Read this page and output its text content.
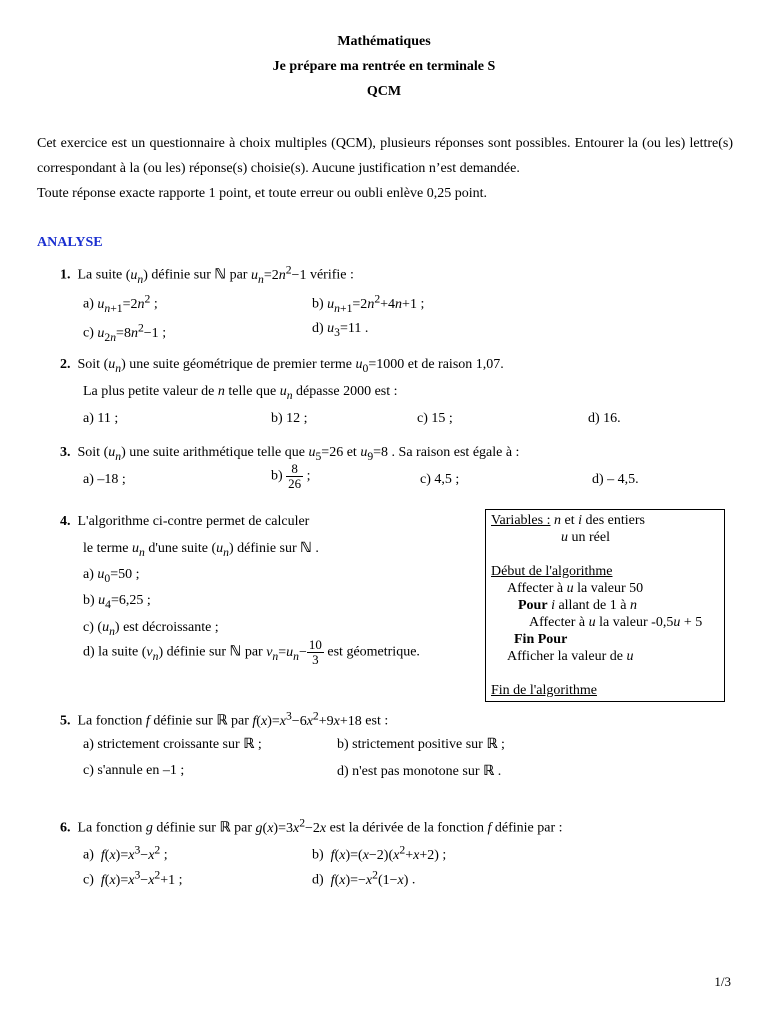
Mathématiques
Je prépare ma rentrée en terminale S
QCM
Cet exercice est un questionnaire à choix multiples (QCM), plusieurs réponses sont possibles. Entourer la (ou les) lettre(s) correspondant à la (ou les) réponse(s) choisie(s). Aucune justification n’est demandée.
Toute réponse exacte rapporte 1 point, et toute erreur ou oubli enlève 0,25 point.
ANALYSE
1. La suite $(u_n)$ définie sur ℕ par $u_n=2n^2-1$ vérifie :
a) $u_{n+1}=2n^2$ ;	b) $u_{n+1}=2n^2+4n+1$ ;
c) $u_{2n}=8n^2-1$ ;	d) $u_3=11$ .
2. Soit $(u_n)$ une suite géométrique de premier terme $u_0=1000$ et de raison 1,07.
La plus petite valeur de n telle que $u_n$ dépasse 2000 est :
a) 11 ;	b) 12 ;	c) 15 ;	d) 16.
3. Soit $(u_n)$ une suite arithmétique telle que $u_5=26$ et $u_9=8$ . Sa raison est égale à :
a) –18 ;	$b) \frac{8}{26}$ ;	c) 4,5 ;	d) – 4,5.
4. L'algorithme ci-contre permet de calculer
le terme $u_n$ d'une suite $(u_n)$ définie sur ℕ .
a) $u_0=50$ ;
b) $u_4=6,25$ ;
c) $(u_n)$ est décroissante ;
d) la suite $(v_n)$ définie sur ℕ par $v_n=u_n- \frac{10}{3}$ est géometrique.
Variables : n et i des entiers
u un réel
Début de l'algorithme
Affecter à u la valeur 50
Pour i allant de 1 à n
Affecter à u la valeur -0,5u + 5
Fin Pour
Afficher la valeur de u
Fin de l'algorithme
5. La fonction f définie sur ℝ par $f(x)=x^3-6x^2+9x+18$ est :
a) strictement croissante sur ℝ ;	b) strictement positive sur ℝ ;
c) s'annule en –1 ;	d) n'est pas monotone sur ℝ .
6. La fonction g définie sur ℝ par $g(x)=3x^2-2x$ est la dérivée de la fonction f définie par :
a) $f(x)=x^3-x^2$ ;	b) $f(x)=(x-2)(x^2+x+2)$ ;
c) $f(x)=x^3-x^2+1$ ;	d) $f(x)=-x^2(1-x)$ .
1/3
